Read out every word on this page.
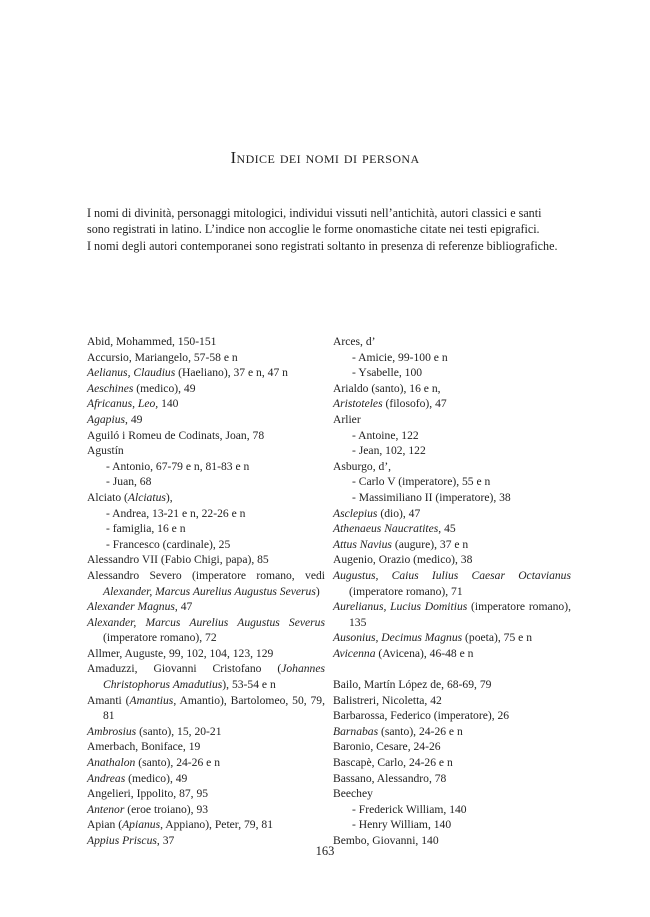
Indice dei nomi di persona

I nomi di divinità, personaggi mitologici, individui vissuti nell’antichità, autori classici e santi

sono registrati in latino. L’indice non accoglie le forme onomastiche citate nei testi epigrafici.

I nomi degli autori contemporanei sono registrati soltanto in presenza di referenze bibliografiche.

Abid, Mohammed, 150-151
Accursio, Mariangelo, 57-58 e n
Aelianus, Claudius (Haeliano), 37 e n, 47 n
Aeschines (medico), 49
Africanus, Leo, 140
Agapius, 49
Aguiló i Romeu de Codinats, Joan, 78
Agustín
- Antonio, 67-79 e n, 81-83 e n
- Juan, 68
Alciato (Alciatus),
- Andrea, 13-21 e n, 22-26 e n
- famiglia, 16 e n
- Francesco (cardinale), 25
Alessandro VII (Fabio Chigi, papa), 85
Alessandro Severo (imperatore romano, vedi Alexander, Marcus Aurelius Augustus Severus)
Alexander Magnus, 47
Alexander, Marcus Aurelius Augustus Severus (imperatore romano), 72
Allmer, Auguste, 99, 102, 104, 123, 129
Amaduzzi, Giovanni Cristofano (Johannes Christophorus Amadutius), 53-54 e n
Amanti (Amantius, Amantio), Bartolomeo, 50, 79, 81
Ambrosius (santo), 15, 20-21
Amerbach, Boniface, 19
Anathalon (santo), 24-26 e n
Andreas (medico), 49
Angelieri, Ippolito, 87, 95
Antenor (eroe troiano), 93
Apian (Apianus, Appiano), Peter, 79, 81
Appius Priscus, 37
Arces, d’
- Amicie, 99-100 e n
- Ysabelle, 100
Arialdo (santo), 16 e n,
Aristoteles (filosofo), 47
Arlier
- Antoine, 122
- Jean, 102, 122
Asburgo, d’,
- Carlo V (imperatore), 55 e n
- Massimiliano II (imperatore), 38
Asclepius (dio), 47
Athenaeus Naucratites, 45
Attus Navius (augure), 37 e n
Augenio, Orazio (medico), 38
Augustus, Caius Iulius Caesar Octavianus (imperatore romano), 71
Aurelianus, Lucius Domitius (imperatore romano), 135
Ausonius, Decimus Magnus (poeta), 75 e n
Avicenna (Avicena), 46-48 e n
Bailo, Martín López de, 68-69, 79
Balistreri, Nicoletta, 42
Barbarossa, Federico (imperatore), 26
Barnabas (santo), 24-26 e n
Baronio, Cesare, 24-26
Bascapè, Carlo, 24-26 e n
Bassano, Alessandro, 78
Beechey
- Frederick William, 140
- Henry William, 140
Bembo, Giovanni, 140
163
